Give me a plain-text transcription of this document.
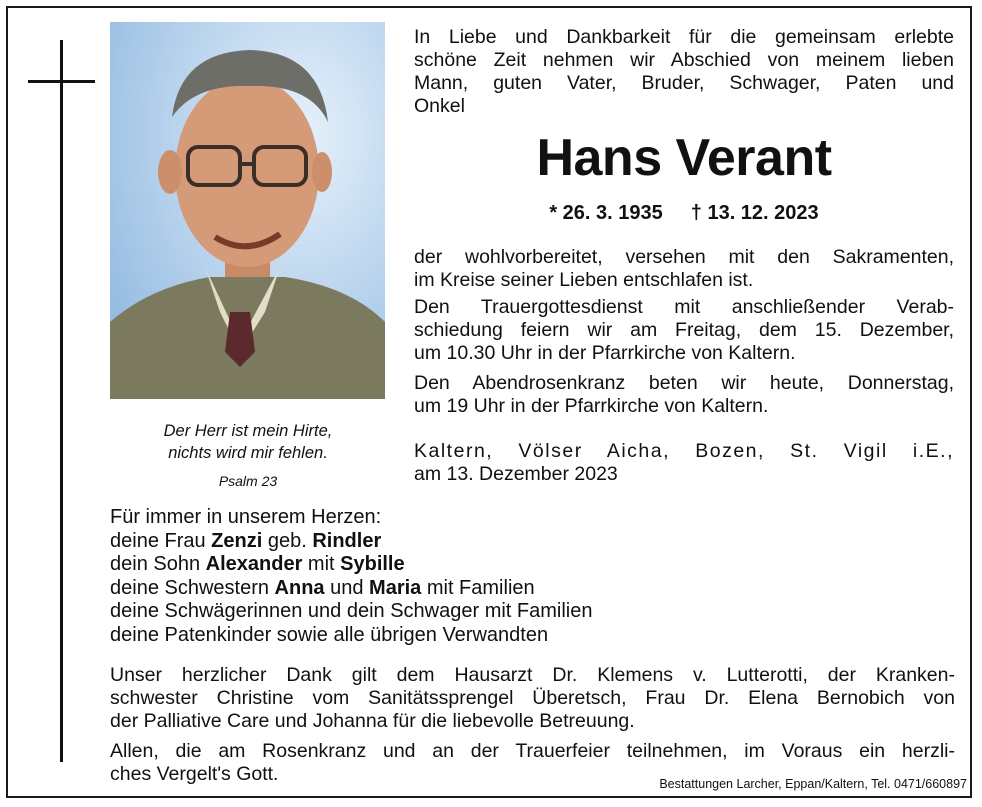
Der Herr ist mein Hirte,
nichts wird mir fehlen.
Psalm 23
In Liebe und Dankbarkeit für die gemeinsam erlebte
schöne Zeit nehmen wir Abschied von meinem lieben
Mann, guten Vater, Bruder, Schwager, Paten und
Onkel
Hans Verant
* 26. 3. 1935 † 13. 12. 2023
der wohlvorbereitet, versehen mit den Sakramenten,
im Kreise seiner Lieben entschlafen ist.
Den Trauergottesdienst mit anschließender Verab-
schiedung feiern wir am Freitag, dem 15. Dezember,
um 10.30 Uhr in der Pfarrkirche von Kaltern.
Den Abendrosenkranz beten wir heute, Donnerstag,
um 19 Uhr in der Pfarrkirche von Kaltern.
Kaltern, Völser Aicha, Bozen, St. Vigil i.E.,
am 13. Dezember 2023
Für immer in unserem Herzen:
deine Frau Zenzi geb. Rindler
dein Sohn Alexander mit Sybille
deine Schwestern Anna und Maria mit Familien
deine Schwägerinnen und dein Schwager mit Familien
deine Patenkinder sowie alle übrigen Verwandten
Unser herzlicher Dank gilt dem Hausarzt Dr. Klemens v. Lutterotti, der Kranken-
schwester Christine vom Sanitätssprengel Überetsch, Frau Dr. Elena Bernobich von
der Palliative Care und Johanna für die liebevolle Betreuung.
Allen, die am Rosenkranz und an der Trauerfeier teilnehmen, im Voraus ein herzli-
ches Vergelt's Gott.	Bestattungen Larcher, Eppan/Kaltern, Tel. 0471/660897
